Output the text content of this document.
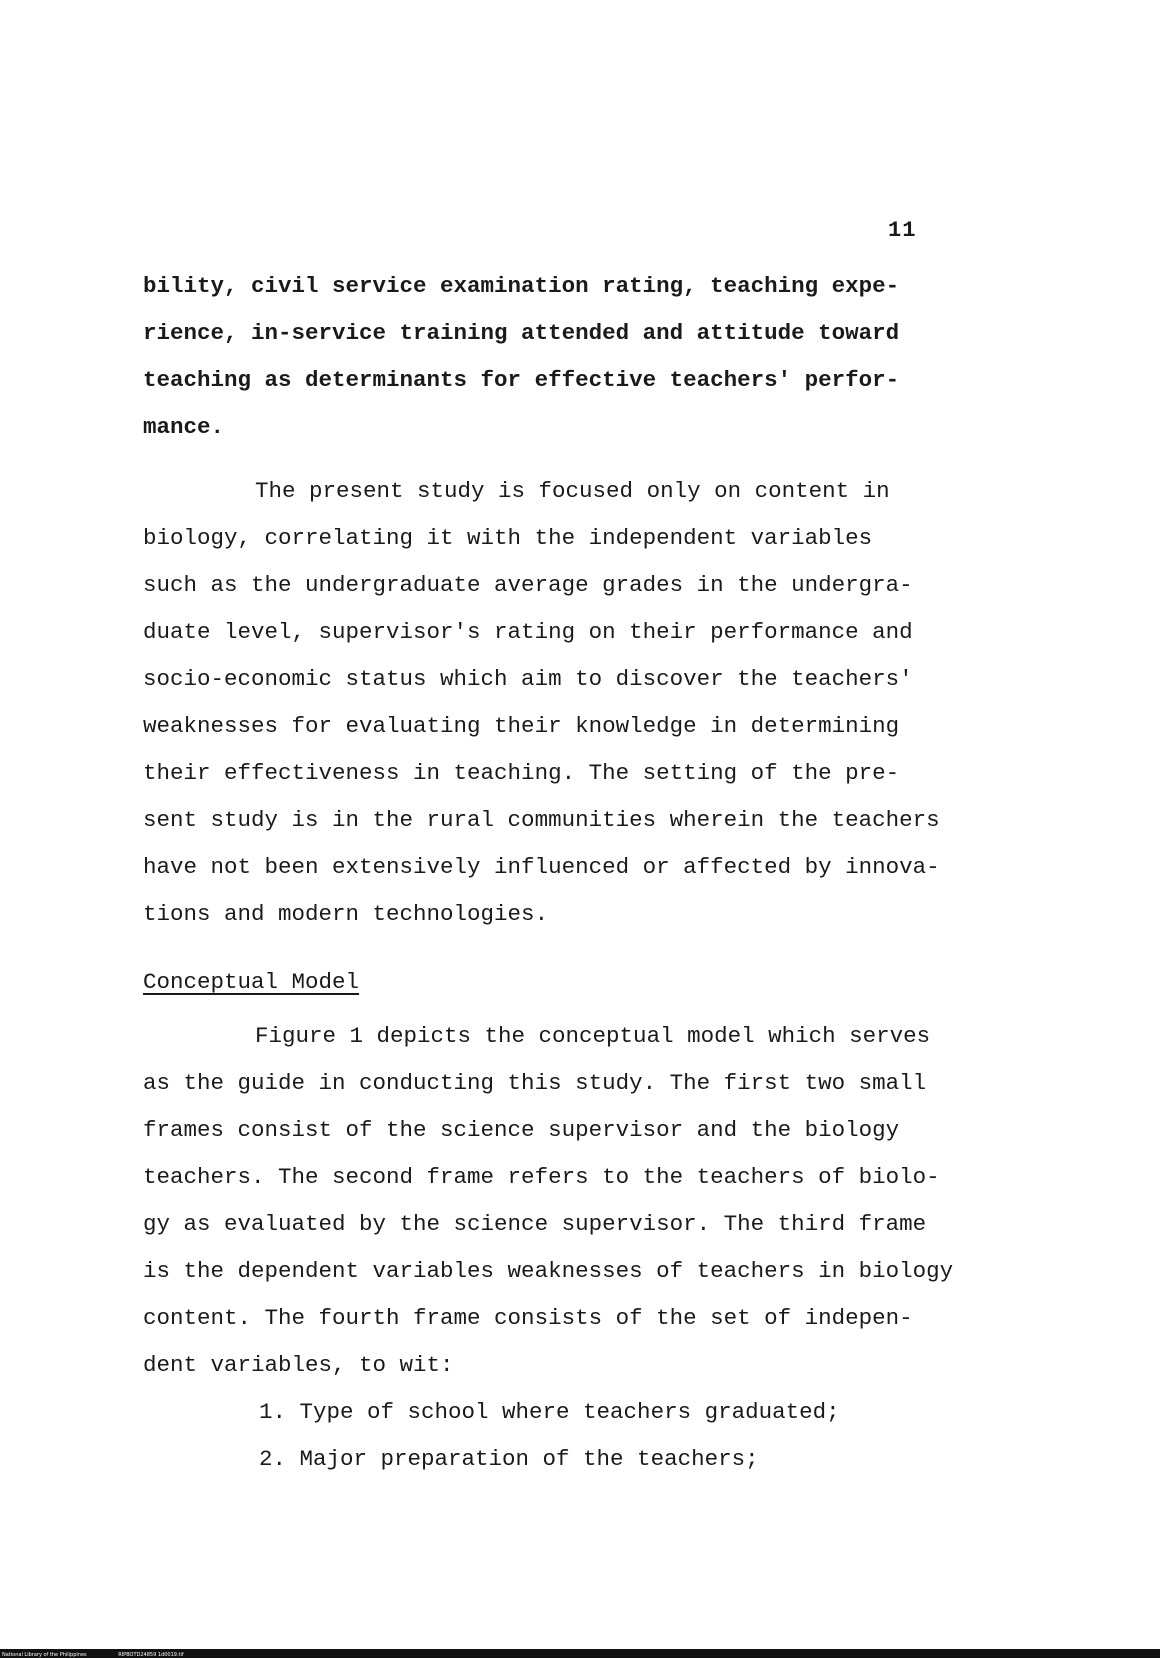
11
bility, civil service examination rating, teaching expe-
rience, in-service training attended and attitude toward
teaching as determinants for effective teachers' perfor-
mance.
The present study is focused only on content in
biology, correlating it with the independent variables
such as the undergraduate average grades in the undergra-
duate level, supervisor's rating on their performance and
socio-economic status which aim to discover the teachers'
weaknesses for evaluating their knowledge in determining
their effectiveness in teaching. The setting of the pre-
sent study is in the rural communities wherein the teachers
have not been extensively influenced or affected by innova-
tions and modern technologies.
Conceptual Model
Figure 1 depicts the conceptual model which serves
as the guide in conducting this study. The first two small
frames consist of the science supervisor and the biology
teachers. The second frame refers to the teachers of biolo-
gy as evaluated by the science supervisor. The third frame
is the dependent variables weaknesses of teachers in biology
content. The fourth frame consists of the set of indepen-
dent variables, to wit:
1. Type of school where teachers graduated;
2. Major preparation of the teachers;
National Library of the Philippines	RIPBOTD24859 1d0019.tif
